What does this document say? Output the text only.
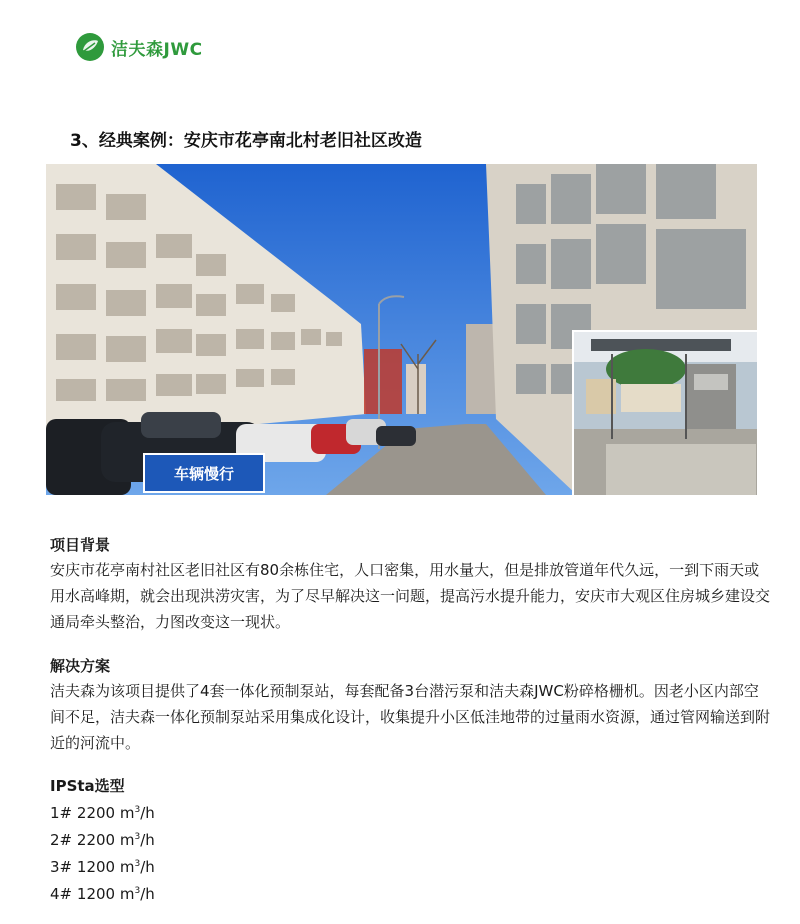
洁夫森JWC
3、经典案例：安庆市花亭南北村老旧社区改造
车辆慢行
项目背景

安庆市花亭南村社区老旧社区有80余栋住宅，人口密集，用水量大，但是排放管道年代久远，一到下雨天或用水高峰期，就会出现洪涝灾害，为了尽早解决这一问题，提高污水提升能力，安庆市大观区住房城乡建设交通局牵头整治，力图改变这一现状。

解决方案

洁夫森为该项目提供了4套一体化预制泵站，每套配备3台潜污泵和洁夫森JWC粉碎格栅机。因老小区内部空间不足，洁夫森一体化预制泵站采用集成化设计，收集提升小区低洼地带的过量雨水资源，通过管网输送到附近的河流中。

IPSta选型
1# 2200 $m^3/h$
2# 2200 $m^3/h$
3# 1200 $m^3/h$
4# 1200 $m^3/h$
